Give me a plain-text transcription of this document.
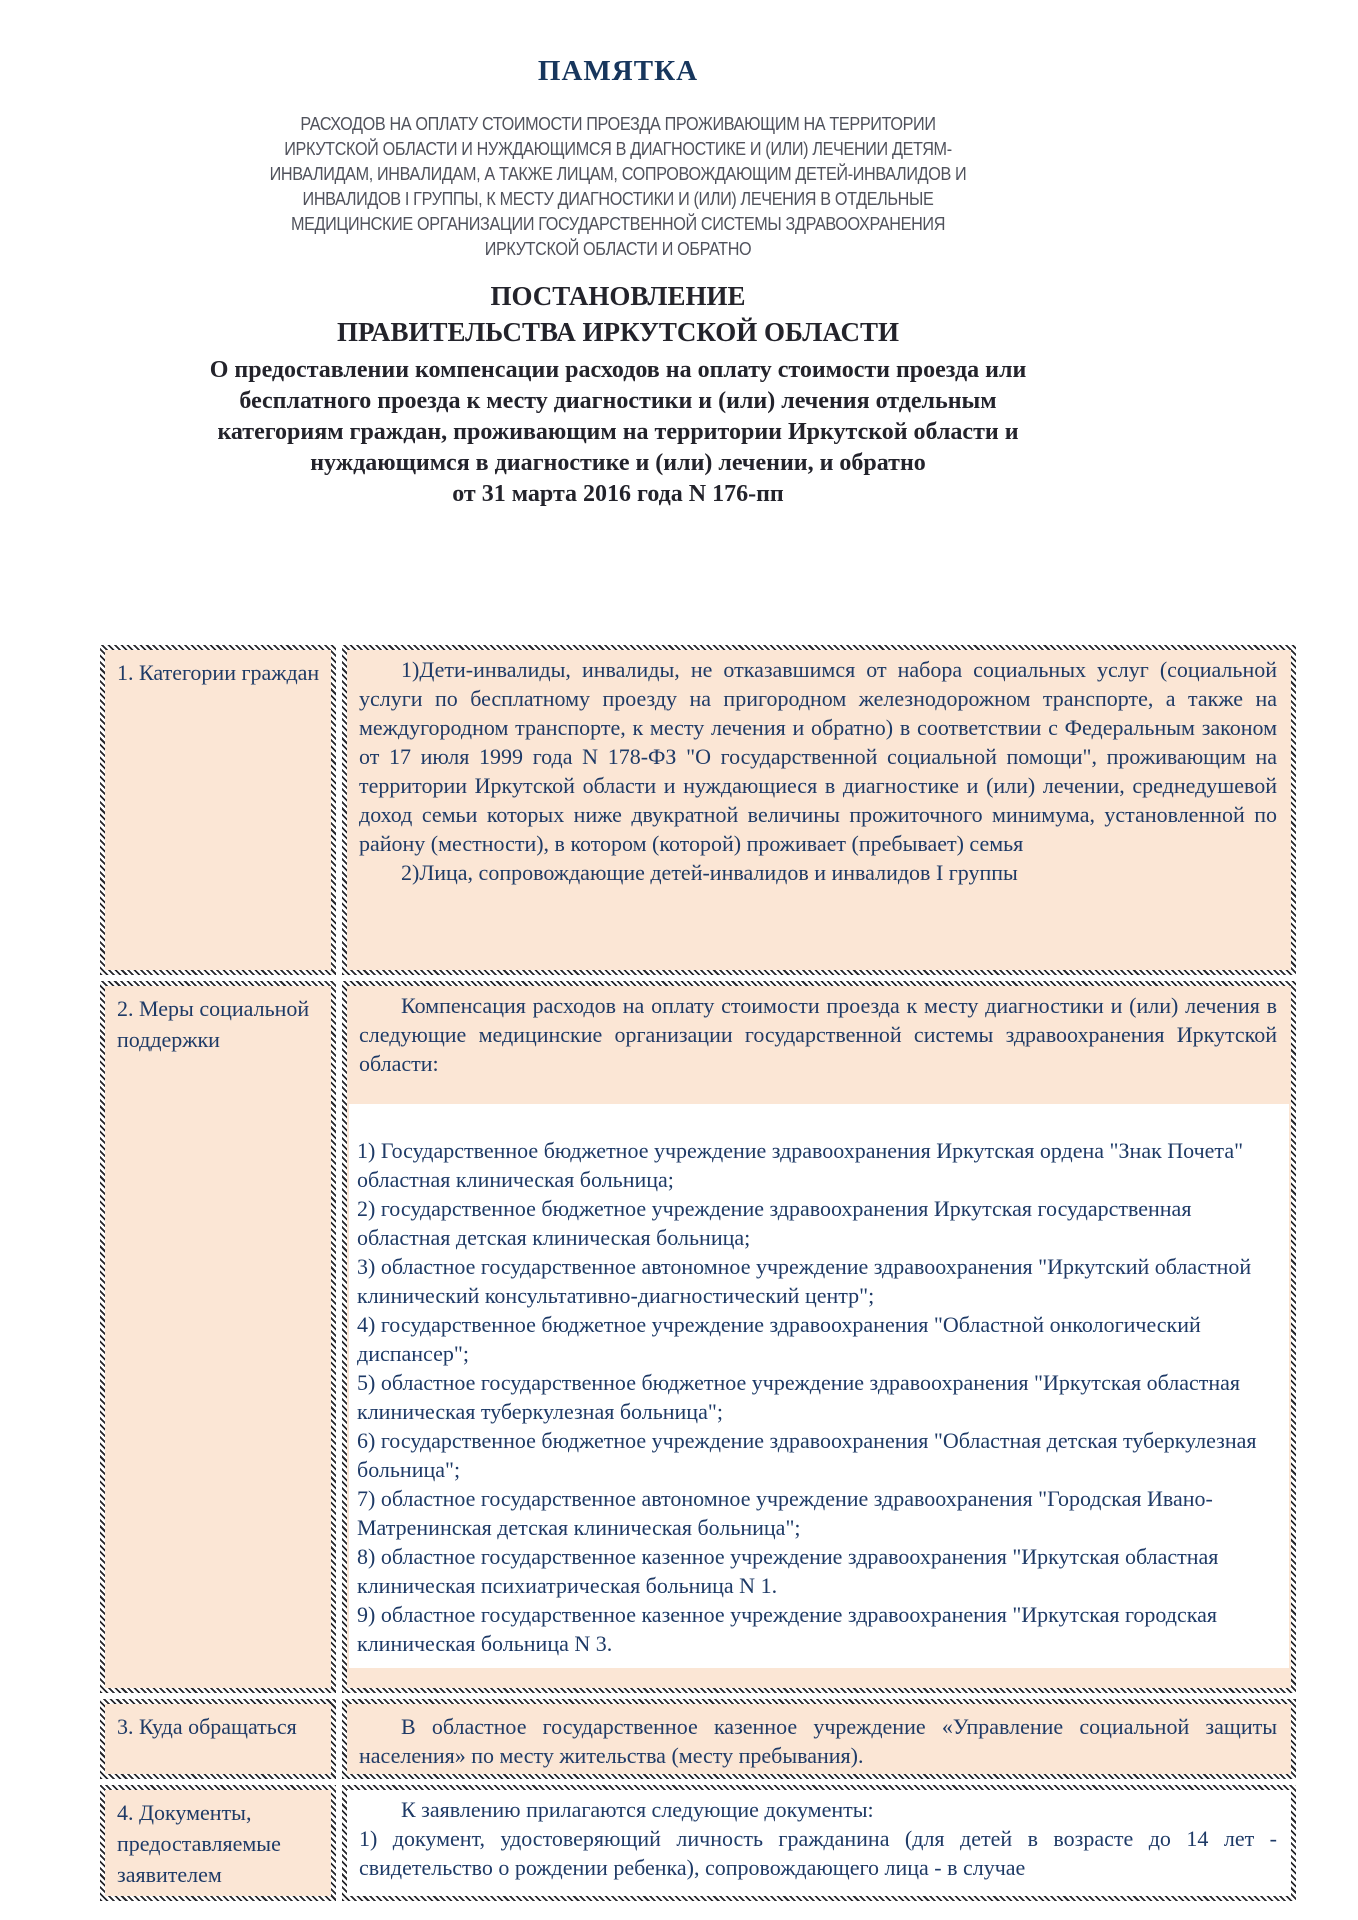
ПАМЯТКА
РАСХОДОВ НА ОПЛАТУ СТОИМОСТИ ПРОЕЗДА ПРОЖИВАЮЩИМ НА ТЕРРИТОРИИ
ИРКУТСКОЙ ОБЛАСТИ И НУЖДАЮЩИМСЯ В ДИАГНОСТИКЕ И (ИЛИ) ЛЕЧЕНИИ ДЕТЯМ-
ИНВАЛИДАМ, ИНВАЛИДАМ, А ТАКЖЕ ЛИЦАМ, СОПРОВОЖДАЮЩИМ ДЕТЕЙ-ИНВАЛИДОВ И
ИНВАЛИДОВ I ГРУППЫ, К МЕСТУ ДИАГНОСТИКИ И (ИЛИ) ЛЕЧЕНИЯ В ОТДЕЛЬНЫЕ
МЕДИЦИНСКИЕ ОРГАНИЗАЦИИ ГОСУДАРСТВЕННОЙ СИСТЕМЫ ЗДРАВООХРАНЕНИЯ
ИРКУТСКОЙ ОБЛАСТИ И ОБРАТНО
ПОСТАНОВЛЕНИЕ
ПРАВИТЕЛЬСТВА ИРКУТСКОЙ ОБЛАСТИ
О предоставлении компенсации расходов на оплату стоимости проезда или
бесплатного проезда к месту диагностики и (или) лечения отдельным
категориям граждан, проживающим на территории Иркутской области и
нуждающимся в диагностике и (или) лечении, и обратно
от 31 марта 2016 года N 176-пп
1. Категории граждан	1)Дети-инвалиды, инвалиды, не отказавшимся от набора социальных услуг (социальной услуги по бесплатному проезду на пригородном железнодорожном транспорте, а также на междугородном транспорте, к месту лечения и обратно) в соответствии с Федеральным законом от 17 июля 1999 года N 178-ФЗ "О государственной социальной помощи", проживающим на территории Иркутской области и нуждающиеся в диагностике и (или) лечении, среднедушевой доход семьи которых ниже двукратной величины прожиточного минимума, установленной по району (местности), в котором (которой) проживает (пребывает) семья

2)Лица, сопровождающие детей-инвалидов и инвалидов I группы

2. Меры социальной поддержки

Компенсация расходов на оплату стоимости проезда к месту диагностики и (или) лечения в следующие медицинские организации государственной системы здравоохранения Иркутской области:

1) Государственное бюджетное учреждение здравоохранения Иркутская ордена "Знак Почета" областная клиническая больница;

2) государственное бюджетное учреждение здравоохранения Иркутская государственная областная детская клиническая больница;

3) областное государственное автономное учреждение здравоохранения "Иркутский областной клинический консультативно-диагностический центр";

4) государственное бюджетное учреждение здравоохранения "Областной онкологический диспансер";

5) областное государственное бюджетное учреждение здравоохранения "Иркутская областная клиническая туберкулезная больница";

6) государственное бюджетное учреждение здравоохранения "Областная детская туберкулезная больница";

7) областное государственное автономное учреждение здравоохранения "Городская Ивано-Матренинская детская клиническая больница";

8) областное государственное казенное учреждение здравоохранения "Иркутская областная клиническая психиатрическая больница N 1.

9) областное государственное казенное учреждение здравоохранения "Иркутская городская клиническая больница N 3.

3. Куда обращаться	В областное государственное казенное учреждение «Управление социальной защиты населения» по месту жительства (месту пребывания).

4. Документы, предоставляемые заявителем

К заявлению прилагаются следующие документы:

1) документ, удостоверяющий личность гражданина (для детей в возрасте до 14 лет - свидетельство о рождении ребенка), сопровождающего лица - в случае
